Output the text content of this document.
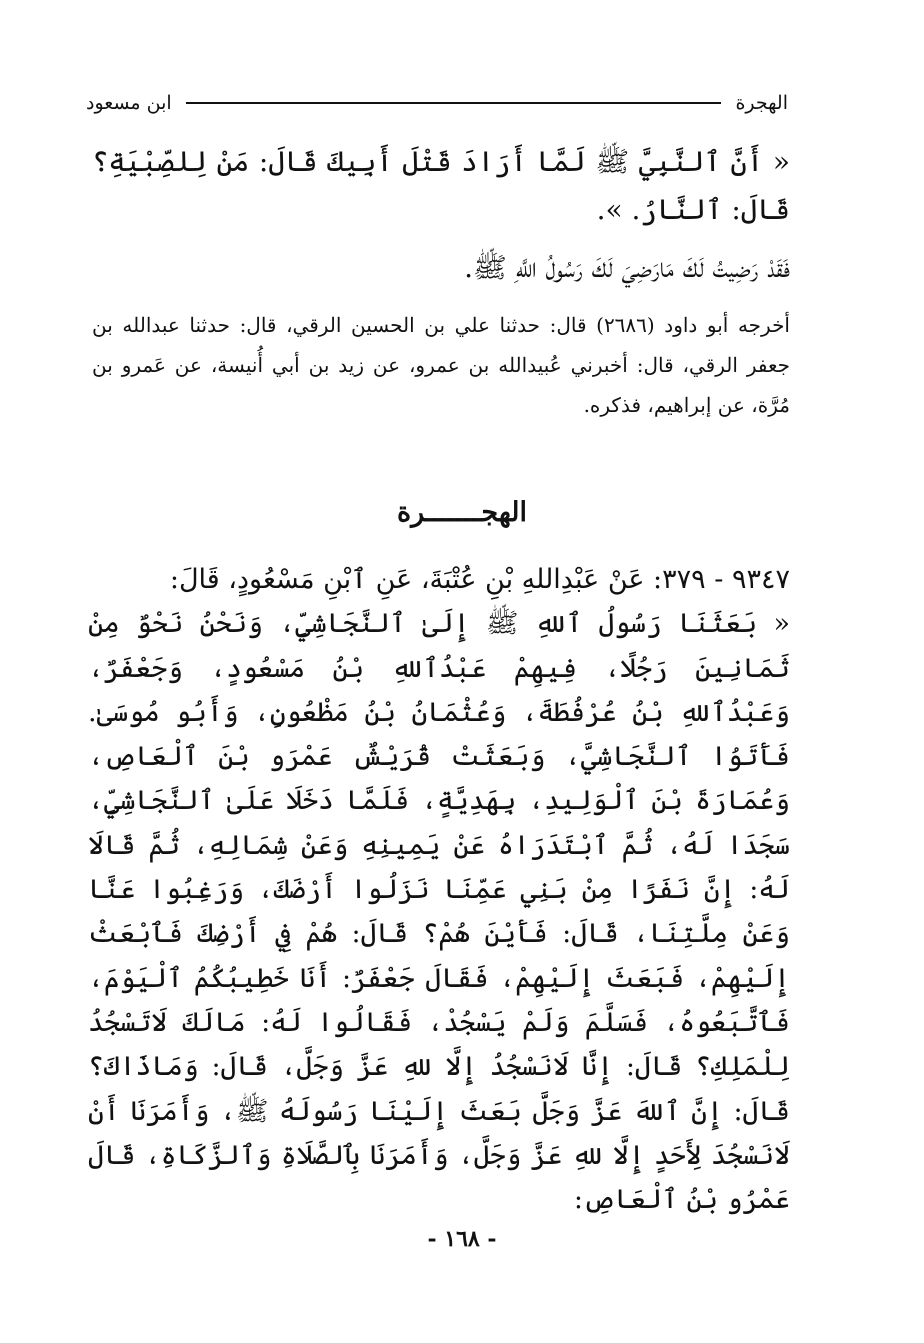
الهجرة
ابن مسعود
« أَنَّ ٱلنَّبِيَّ ﷺ لَمَّا أَرَادَ قَتْلَ أَبِيكَ قَالَ: مَنْ لِلصِّبْيَةِ؟ قَالَ: ٱلنَّارُ. ».
فَقَدْ رَضِيتُ لَكَ مَارَضِيَ لَكَ رَسُولُ اللَّهِ ﷺ.
أخرجه أبو داود (٢٦٨٦) قال: حدثنا علي بن الحسين الرقي، قال: حدثنا عبدالله بن جعفر الرقي، قال: أخبرني عُبيدالله بن عمرو، عن زيد بن أبي أُنيسة، عن عَمرو بن مُرَّة، عن إبراهيم، فذكره.
الهجـــــــرة

٩٣٤٧ - ٣٧٩: عَنْ عَبْدِاللهِ بْنِ عُتْبَةَ، عَنِ ٱبْنِ مَسْعُودٍ، قَالَ:

« بَعَثَنَا رَسُولُ ٱللهِ ﷺ إِلَىٰ ٱلنَّجَاشِيِّ، وَنَحْنُ نَحْوٌ مِنْ ثَمَانِينَ رَجُلًا، فِيهِمْ عَبْدُٱللهِ بْنُ مَسْعُودٍ، وَجَعْفَرٌ، وَعَبْدُٱللهِ بْنُ عُرْفُطَةَ، وَعُثْمَانُ بْنُ مَظْعُونٍ، وَأَبُو مُوسَىٰ. فَأَتَوُا ٱلنَّجَاشِيَّ، وَبَعَثَتْ قُرَيْشٌ عَمْرَو بْنَ ٱلْعَاصِ، وَعُمَارَةَ بْنَ ٱلْوَلِيدِ، بِهَدِيَّةٍ، فَلَمَّا دَخَلَا عَلَىٰ ٱلنَّجَاشِيِّ، سَجَدَا لَهُ، ثُمَّ ٱبْتَدَرَاهُ عَنْ يَمِينِهِ وَعَنْ شِمَالِهِ، ثُمَّ قَالَا لَهُ: إِنَّ نَفَرًا مِنْ بَنِي عَمِّنَا نَزَلُوا أَرْضَكَ، وَرَغِبُوا عَنَّا وَعَنْ مِلَّتِنَا، قَالَ: فَأَيْنَ هُمْ؟ قَالَ: هُمْ فِي أَرْضِكَ فَٱبْعَثْ إِلَيْهِمْ، فَبَعَثَ إِلَيْهِمْ، فَقَالَ جَعْفَرٌ: أَنَا خَطِيبُكُمُ ٱلْيَوْمَ، فَٱتَّبَعُوهُ، فَسَلَّمَ وَلَمْ يَسْجُدْ، فَقَالُوا لَهُ: مَالَكَ لَاتَسْجُدُ لِلْمَلِكِ؟ قَالَ: إِنَّا لَانَسْجُدُ إِلَّا للهِ عَزَّ وَجَلَّ، قَالَ: وَمَاذَاكَ؟ قَالَ: إِنَّ ٱللهَ عَزَّ وَجَلَّ بَعَثَ إِلَيْنَا رَسُولَهُ ﷺ، وَأَمَرَنَا أَنْ لَانَسْجُدَ لِأَحَدٍ إِلَّا للهِ عَزَّ وَجَلَّ، وَأَمَرَنَا بِٱلصَّلَاةِ وَٱلزَّكَاةِ، قَالَ عَمْرُو بْنُ ٱلْعَاصِ:

- ١٦٨ -
